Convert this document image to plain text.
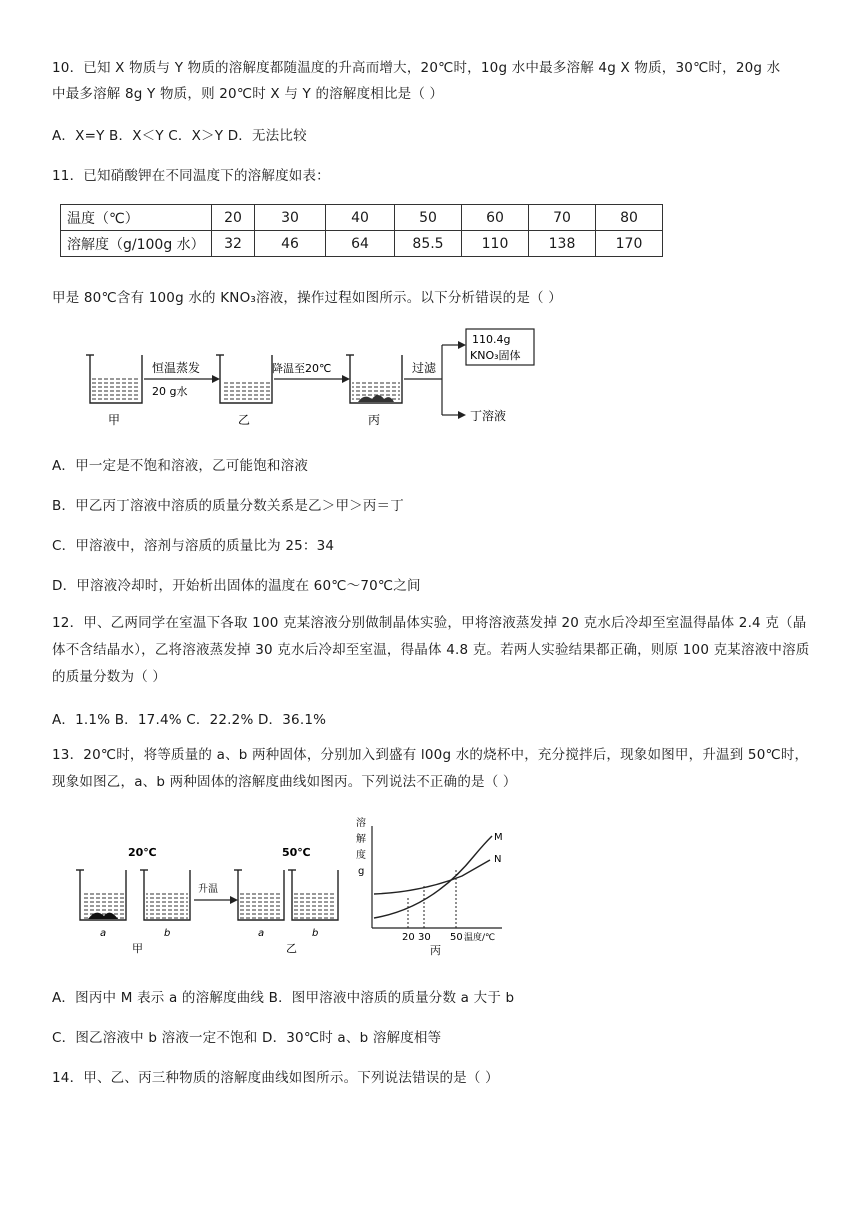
10．已知 X 物质与 Y 物质的溶解度都随温度的升高而增大，20℃时，10g 水中最多溶解 4g X 物质，30℃时，20g 水
中最多溶解 8g Y 物质，则 20℃时 X 与 Y 的溶解度相比是（ ）
A．X=Y B．X＜Y C．X＞Y D．无法比较
11．已知硝酸钾在不同温度下的溶解度如表：
温度（℃）	20	30	40	50	60	70	80
溶解度（g/100g 水）	32	46	64	85.5	110	138	170
甲是 80℃含有 100g 水的 KNO₃溶液，操作过程如图所示。以下分析错误的是（ ）
恒温蒸发
20 g水
降温至20℃	过滤
110.4g
KNO₃固体
丁溶液
甲	乙	丙
A．甲一定是不饱和溶液，乙可能饱和溶液
B．甲乙丙丁溶液中溶质的质量分数关系是乙＞甲＞丙＝丁
C．甲溶液中，溶剂与溶质的质量比为 25：34
D．甲溶液冷却时，开始析出固体的温度在 60℃～70℃之间
12．甲、乙两同学在室温下各取 100 克某溶液分别做制晶体实验，甲将溶液蒸发掉 20 克水后冷却至室温得晶体 2.4 克（晶体不含结晶水），乙将溶液蒸发掉 30 克水后冷却至室温，得晶体 4.8 克。若两人实验结果都正确，则原 100 克某溶液中溶质的质量分数为（ ）
A．1.1% B．17.4% C．22.2% D．36.1%
13．20℃时，将等质量的 a、b 两种固体，分别加入到盛有 l00g 水的烧杯中，充分搅拌后，现象如图甲，升温到 50℃时，现象如图乙，a、b 两种固体的溶解度曲线如图丙。下列说法不正确的是（ ）
20℃	50℃
a	b
甲
升温
a	b
乙
溶
解
度
g
M
N
20 30 50 温度/℃
丙
A．图丙中 M 表示 a 的溶解度曲线 B．图甲溶液中溶质的质量分数 a 大于 b
C．图乙溶液中 b 溶液一定不饱和 D．30℃时 a、b 溶解度相等
14．甲、乙、丙三种物质的溶解度曲线如图所示。下列说法错误的是（ ）
